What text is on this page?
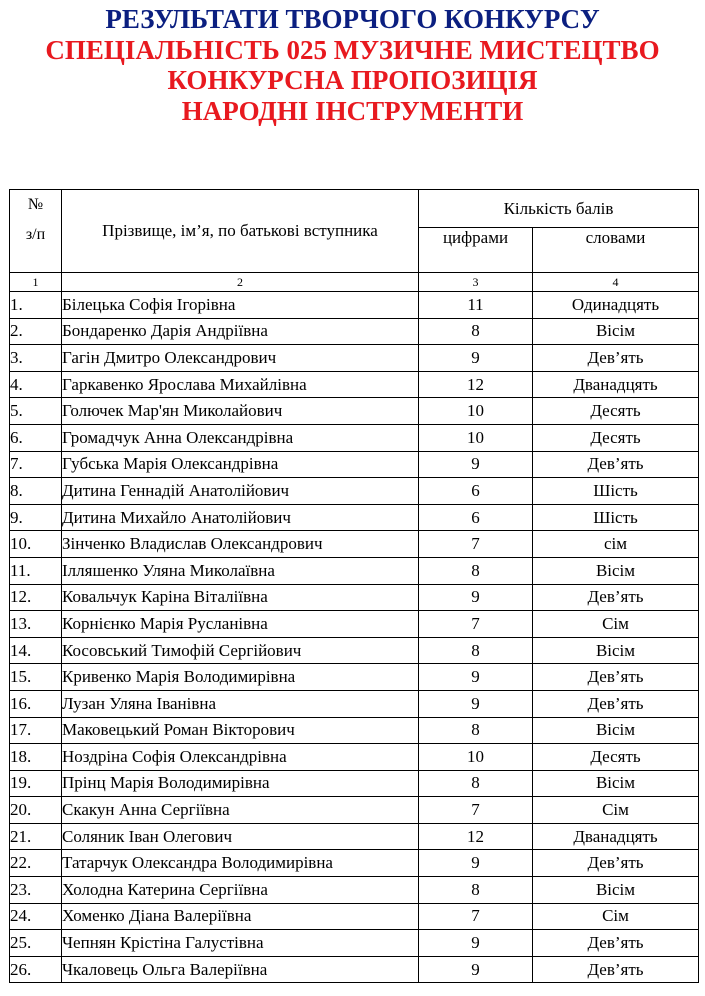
РЕЗУЛЬТАТИ ТВОРЧОГО КОНКУРСУ
СПЕЦІАЛЬНІСТЬ 025 МУЗИЧНЕ МИСТЕЦТВО
КОНКУРСНА ПРОПОЗИЦІЯ
НАРОДНІ ІНСТРУМЕНТИ
№
з/п	Прізвище, ім’я, по батькові вступника	Кількість балів	
		цифрами	словами
1	2	3	4
1.	Білецька Софія Ігорівна	11	Одинадцять
2.	Бондаренко Дарія Андріївна	8	Вісім
3.	Гагін Дмитро Олександрович	9	Дев’ять
4.	Гаркавенко Ярослава Михайлівна	12	Дванадцять
5.	Голючек Мар'ян Миколайович	10	Десять
6.	Громадчук Анна Олександрівна	10	Десять
7.	Губська Марія Олександрівна	9	Дев’ять
8.	Дитина Геннадій Анатолійович	6	Шість
9.	Дитина Михайло Анатолійович	6	Шість
10.	Зінченко Владислав Олександрович	7	сім
11.	Ілляшенко Уляна Миколаївна	8	Вісім
12.	Ковальчук Каріна Віталіївна	9	Дев’ять
13.	Корнієнко Марія Русланівна	7	Сім
14.	Косовський Тимофій Сергійович	8	Вісім
15.	Кривенко Марія Володимирівна	9	Дев’ять
16.	Лузан Уляна Іванівна	9	Дев’ять
17.	Маковецький Роман Вікторович	8	Вісім
18.	Ноздріна Софія Олександрівна	10	Десять
19.	Прінц Марія Володимирівна	8	Вісім
20.	Скакун Анна Сергіївна	7	Сім
21.	Соляник Іван Олегович	12	Дванадцять
22.	Татарчук Олександра Володимирівна	9	Дев’ять
23.	Холодна Катерина Сергіївна	8	Вісім
24.	Хоменко Діана Валеріївна	7	Сім
25.	Чепнян Крістіна Галустівна	9	Дев’ять
26.	Чкаловець Ольга Валеріївна	9	Дев’ять
